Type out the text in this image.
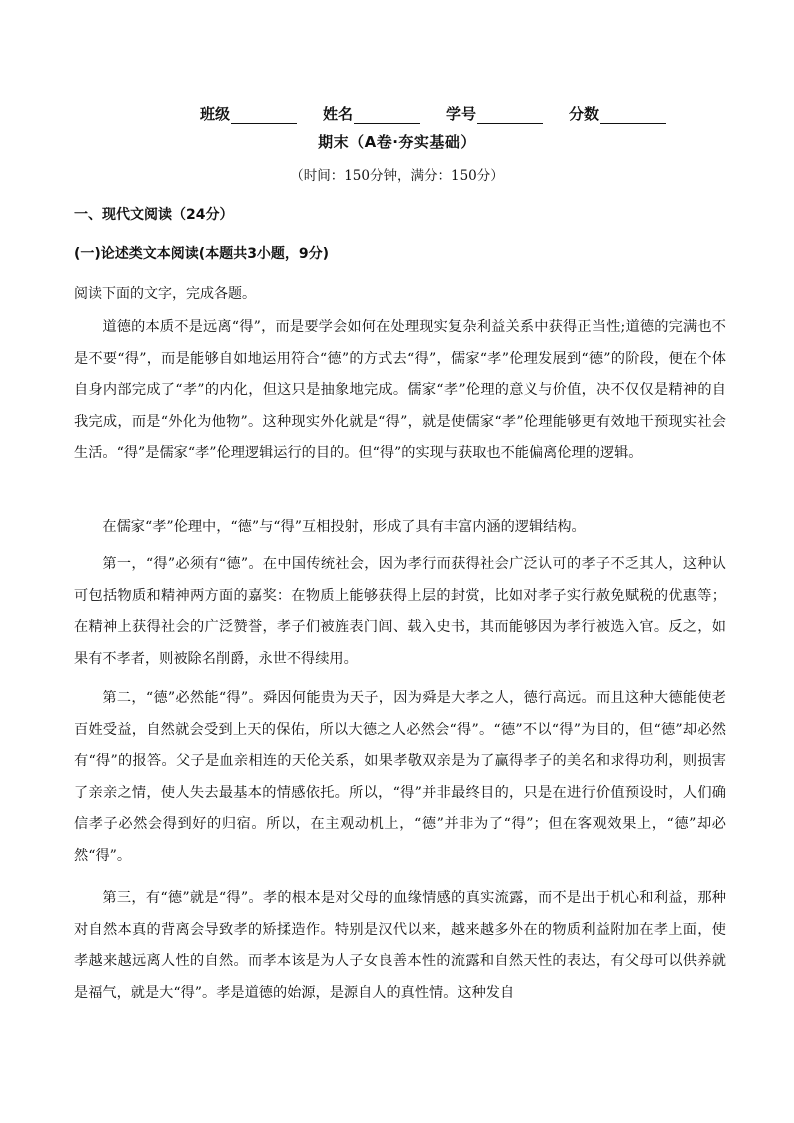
班级	姓名	学号	分数
期末（A卷·夯实基础）
（时间：150分钟，满分：150分）
一、现代文阅读（24分）
(一)论述类文本阅读(本题共3小题，9分)
阅读下面的文字，完成各题。

道德的本质不是远离“得”，而是要学会如何在处理现实复杂利益关系中获得正当性;道德的完满也不是不要“得”，而是能够自如地运用符合“德”的方式去“得”，儒家“孝”伦理发展到“德”的阶段，便在个体自身内部完成了“孝”的内化，但这只是抽象地完成。儒家“孝”伦理的意义与价值，决不仅仅是精神的自我完成，而是“外化为他物”。这种现实外化就是“得”，就是使儒家“孝”伦理能够更有效地干预现实社会生活。“得”是儒家“孝”伦理逻辑运行的目的。但“得”的实现与获取也不能偏离伦理的逻辑。

在儒家“孝”伦理中，“德”与“得”互相投射，形成了具有丰富内涵的逻辑结构。

第一，“得”必须有“德”。在中国传统社会，因为孝行而获得社会广泛认可的孝子不乏其人，这种认可包括物质和精神两方面的嘉奖：在物质上能够获得上层的封赏，比如对孝子实行赦免赋税的优惠等；在精神上获得社会的广泛赞誉，孝子们被旌表门闾、载入史书，其而能够因为孝行被选入官。反之，如果有不孝者，则被除名削爵，永世不得续用。

第二，“德”必然能“得”。舜因何能贵为天子，因为舜是大孝之人，德行高远。而且这种大德能使老百姓受益，自然就会受到上天的保佑，所以大德之人必然会“得”。“德”不以“得”为目的，但“德”却必然有“得”的报答。父子是血亲相连的天伦关系，如果孝敬双亲是为了赢得孝子的美名和求得功利，则损害了亲亲之情，使人失去最基本的情感依托。所以，“得”并非最终目的，只是在进行价值预设时，人们确信孝子必然会得到好的归宿。所以，在主观动机上，“德”并非为了“得”；但在客观效果上，“德”却必然“得”。

第三，有“德”就是“得”。孝的根本是对父母的血缘情感的真实流露，而不是出于机心和利益，那种对自然本真的背离会导致孝的矫揉造作。特别是汉代以来，越来越多外在的物质利益附加在孝上面，使孝越来越远离人性的自然。而孝本该是为人子女良善本性的流露和自然天性的表达，有父母可以供养就是福气，就是大“得”。孝是道德的始源，是源自人的真性情。这种发自
